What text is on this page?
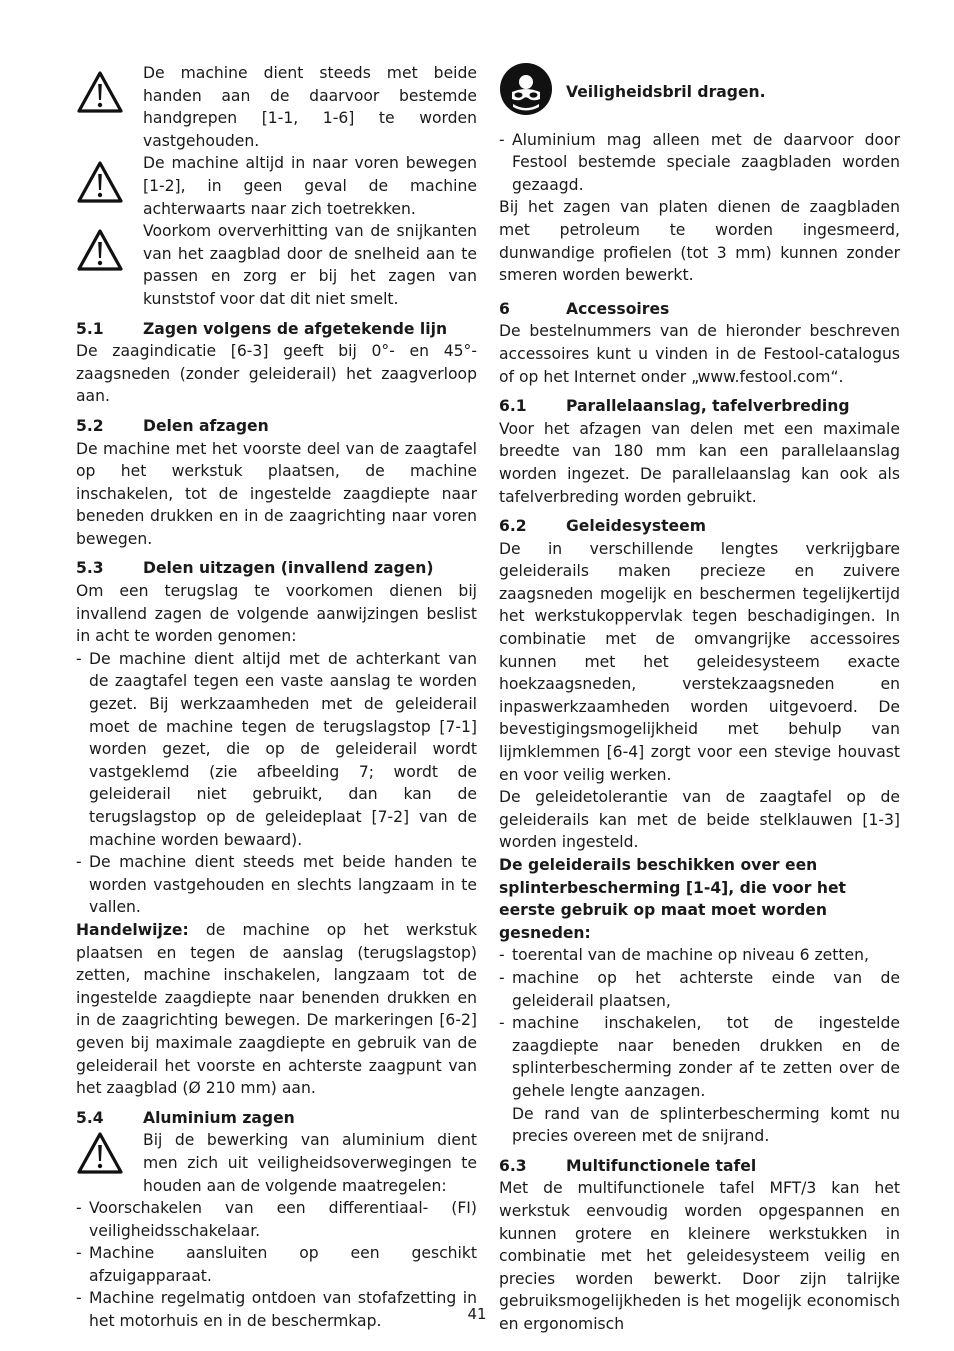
De machine dient steeds met beide handen aan de daarvoor bestemde handgrepen [1-1, 1-6] te worden vastgehouden.

De machine altijd in naar voren bewegen [1-2], in geen geval de machine achterwaarts naar zich toetrekken.

Voorkom oververhitting van de snijkanten van het zaagblad door de snelheid aan te passen en zorg er bij het zagen van kunststof voor dat dit niet smelt.

5.1	Zagen volgens de afgetekende lijn

De zaagindicatie [6-3] geeft bij 0°- en 45°-zaagsneden (zonder geleiderail) het zaagverloop aan.

5.2	Delen afzagen

De machine met het voorste deel van de zaagtafel op het werkstuk plaatsen, de machine inschakelen, tot de ingestelde zaagdiepte naar beneden drukken en in de zaagrichting naar voren bewegen.

5.3	Delen uitzagen (invallend zagen)

Om een terugslag te voorkomen dienen bij invallend zagen de volgende aanwijzingen beslist in acht te worden genomen:

- De machine dient altijd met de achterkant van de zaagtafel tegen een vaste aanslag te worden gezet. Bij werkzaamheden met de geleiderail moet de machine tegen de terugslagstop [7-1] worden gezet, die op de geleiderail wordt vastgeklemd (zie afbeelding 7; wordt de geleiderail niet gebruikt, dan kan de terugslagstop op de geleideplaat [7-2] van de machine worden bewaard).
- De machine dient steeds met beide handen te worden vastgehouden en slechts langzaam in te vallen.

Handelwijze: de machine op het werkstuk plaatsen en tegen de aanslag (terugslagstop) zetten, machine inschakelen, langzaam tot de ingestelde zaagdiepte naar benenden drukken en in de zaagrichting bewegen. De markeringen [6-2] geven bij maximale zaagdiepte en gebruik van de geleiderail het voorste en achterste zaagpunt van het zaagblad (Ø 210 mm) aan.

5.4	Aluminium zagen

Bij de bewerking van aluminium dient men zich uit veiligheidsoverwegingen te houden aan de volgende maatregelen:

- Voorschakelen van een differentiaal- (FI) veiligheidsschakelaar.
- Machine aansluiten op een geschikt afzuigapparaat.
- Machine regelmatig ontdoen van stofafzetting in het motorhuis en in de beschermkap.
Veiligheidsbril dragen.
- Aluminium mag alleen met de daarvoor door Festool bestemde speciale zaagbladen worden gezaagd.

Bij het zagen van platen dienen de zaagbladen met petroleum te worden ingesmeerd, dunwandige profielen (tot 3 mm) kunnen zonder smeren worden bewerkt.

6	Accessoires

De bestelnummers van de hieronder beschreven accessoires kunt u vinden in de Festool-catalogus of op het Internet onder „www.festool.com“.

6.1	Parallelaanslag, tafelverbreding

Voor het afzagen van delen met een maximale breedte van 180 mm kan een parallelaanslag worden ingezet. De parallelaanslag kan ook als tafelverbreding worden gebruikt.

6.2	Geleidesysteem

De in verschillende lengtes verkrijgbare geleiderails maken precieze en zuivere zaagsneden mogelijk en beschermen tegelijkertijd het werkstukoppervlak tegen beschadigingen. In combinatie met de omvangrijke accessoires kunnen met het geleidesysteem exacte hoekzaagsneden, verstekzaagsneden en inpaswerkzaamheden worden uitgevoerd. De bevestigingsmogelijkheid met behulp van lijmklemmen [6-4] zorgt voor een stevige houvast en voor veilig werken.

De geleidetolerantie van de zaagtafel op de geleiderails kan met de beide stelklauwen [1-3] worden ingesteld.

De geleiderails beschikken over een splinterbescherming [1-4], die voor het eerste gebruik op maat moet worden gesneden:

- toerental van de machine op niveau 6 zetten,
- machine op het achterste einde van de geleiderail plaatsen,
- machine inschakelen, tot de ingestelde zaagdiepte naar beneden drukken en de splinterbescherming zonder af te zetten over de gehele lengte aanzagen.

De rand van de splinterbescherming komt nu precies overeen met de snijrand.

6.3	Multifunctionele tafel

Met de multifunctionele tafel MFT/3 kan het werkstuk eenvoudig worden opgespannen en kunnen grotere en kleinere werkstukken in combinatie met het geleidesysteem veilig en precies worden bewerkt. Door zijn talrijke gebruiksmogelijkheden is het mogelijk economisch en ergonomisch

41
